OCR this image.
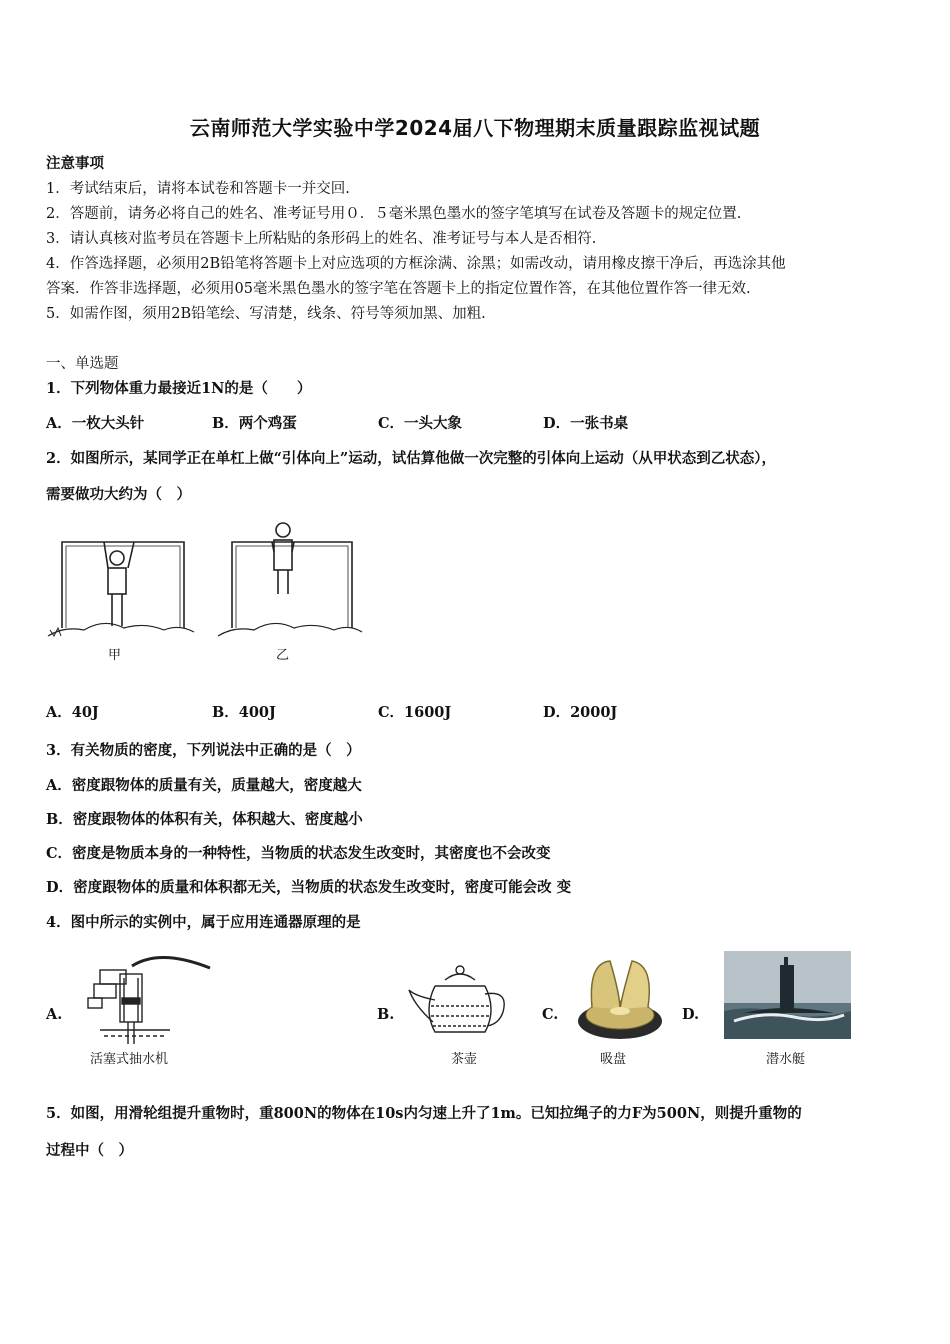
云南师范大学实验中学2024届八下物理期末质量跟踪监视试题
注意事项
1．考试结束后，请将本试卷和答题卡一并交回.
2．答题前，请务必将自己的姓名、准考证号用０．５毫米黑色墨水的签字笔填写在试卷及答题卡的规定位置.
3．请认真核对监考员在答题卡上所粘贴的条形码上的姓名、准考证号与本人是否相符.
4．作答选择题，必须用2B铅笔将答题卡上对应选项的方框涂满、涂黑；如需改动，请用橡皮擦干净后，再选涂其他
答案．作答非选择题，必须用05毫米黑色墨水的签字笔在答题卡上的指定位置作答，在其他位置作答一律无效.
5．如需作图，须用2B铅笔绘、写清楚，线条、符号等须加黑、加粗.
一、单选题
1．下列物体重力最接近1N的是（　　）
A．一枚大头针	B．两个鸡蛋	C．一头大象	D．一张书桌
2．如图所示，某同学正在单杠上做“引体向上”运动，试估算他做一次完整的引体向上运动（从甲状态到乙状态），
需要做功大约为（　）
甲	乙
A．40J	B．400J	C．1600J	D．2000J
3．有关物质的密度，下列说法中正确的是（　）
A．密度跟物体的质量有关，质量越大，密度越大
B．密度跟物体的体积有关，体积越大、密度越小
C．密度是物质本身的一种特性，当物质的状态发生改变时，其密度也不会改变
D．密度跟物体的质量和体积都无关，当物质的状态发生改变时，密度可能会改 变
4．图中所示的实例中，属于应用连通器原理的是
A.
活塞式抽水机
B.
茶壶
C.
吸盘
D.
潜水艇
5．如图，用滑轮组提升重物时，重800N的物体在10s内匀速上升了1m。已知拉绳子的力F为500N，则提升重物的
过程中（　）
